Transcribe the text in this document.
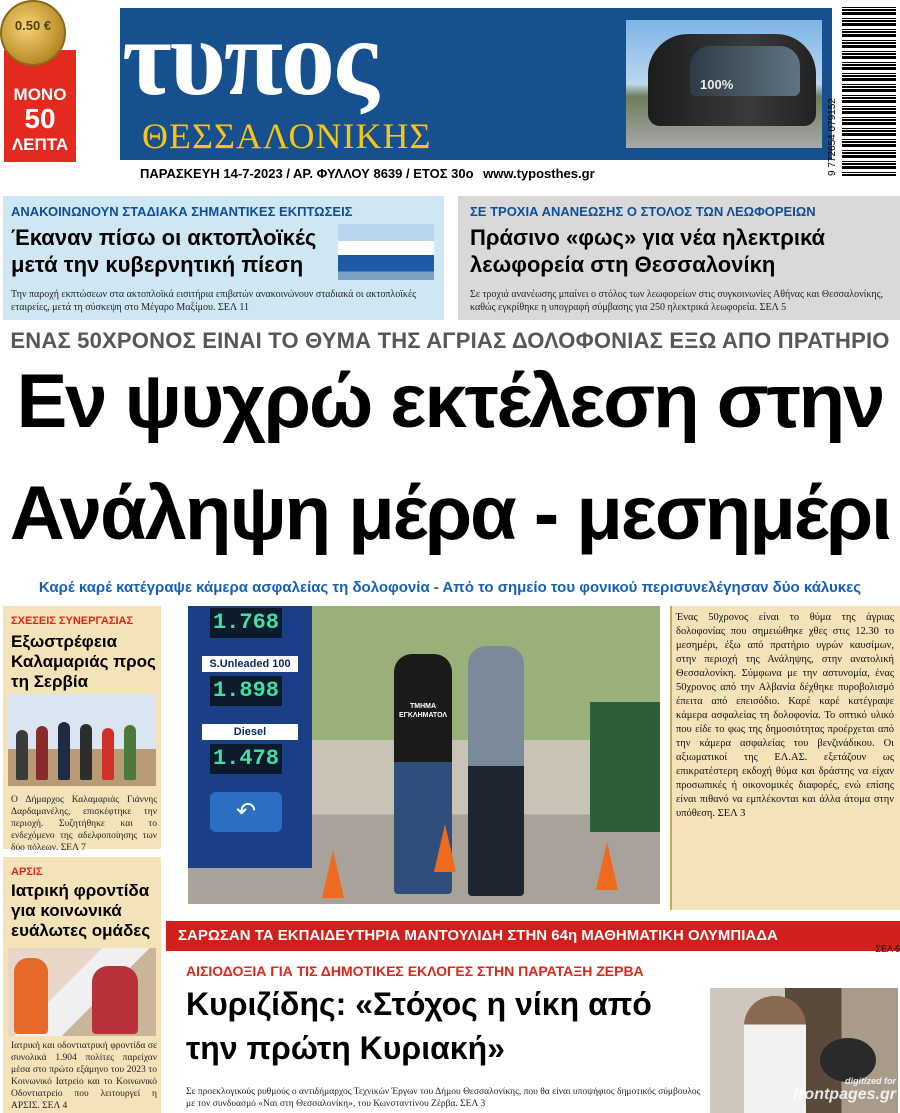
τυπος
ΘΕΣΣΑΛΟΝΙΚΗΣ
0.50 €
ΜΟΝΟ
50
ΛΕΠΤΑ
100%
9 772654 079152
ΠΑΡΑΣΚΕΥΗ 14-7-2023 / ΑΡ. ΦΥΛΛΟΥ 8639 / ΕΤΟΣ 30ο www.typosthes.gr
ΑΝΑΚΟΙΝΩΝΟΥΝ ΣΤΑΔΙΑΚΑ ΣΗΜΑΝΤΙΚΕΣ ΕΚΠΤΩΣΕΙΣ
Έκαναν πίσω οι ακτοπλοϊκές μετά την κυβερνητική πίεση
Την παροχή εκπτώσεων στα ακτοπλοϊκά εισιτήρια επιβατών ανακοινώνουν σταδιακά οι ακτοπλοϊκές εταιρείες, μετά τη σύσκεψη στο Μέγαρο Μαξίμου. ΣΕΛ 11
ΣΕ ΤΡΟΧΙΑ ΑΝΑΝΕΩΣΗΣ Ο ΣΤΟΛΟΣ ΤΩΝ ΛΕΩΦΟΡΕΙΩΝ
Πράσινο «φως» για νέα ηλεκτρικά λεωφορεία στη Θεσσαλονίκη
Σε τροχιά ανανέωσης μπαίνει ο στόλος των λεωφορείων στις συγκοινωνίες Αθήνας και Θεσσαλονίκης, καθώς εγκρίθηκε η υπογραφή σύμβασης για 250 ηλεκτρικά λεωφορεία. ΣΕΛ 5
ΕΝΑΣ 50ΧΡΟΝΟΣ ΕΙΝΑΙ ΤΟ ΘΥΜΑ ΤΗΣ ΑΓΡΙΑΣ ΔΟΛΟΦΟΝΙΑΣ ΕΞΩ ΑΠΟ ΠΡΑΤΗΡΙΟ
Εν ψυχρώ εκτέλεση στην
Ανάληψη μέρα - μεσημέρι
Καρέ καρέ κατέγραψε κάμερα ασφαλείας τη δολοφονία - Από το σημείο του φονικού περισυνελέγησαν δύο κάλυκες
ΣΧΕΣΕΙΣ ΣΥΝΕΡΓΑΣΙΑΣ
Εξωστρέφεια Καλαμαριάς προς τη Σερβία
Ο Δήμαρχος Καλαμαριάς Γιάννης Δαρδαμανέλης, επισκέφτηκε την περιοχή. Συζητήθηκε και το ενδεχόμενο της αδελφοποίησης των δύο πόλεων. ΣΕΛ 7
ΑΡΣΙΣ
Ιατρική φροντίδα για κοινωνικά ευάλωτες ομάδες
Ιατρική και οδοντιατρική φροντίδα σε συνολικά 1.904 πολίτες παρείχαν μέσα στο πρώτο εξάμηνο του 2023 το Κοινωνικό Ιατρείο και το Κοινωνικό Οδοντιατρείο που λειτουργεί η ΑΡΣΙΣ. ΣΕΛ 4
1.768
S.Unleaded 100
1.898
Diesel
1.478
↶
ΤΜΗΜΑ ΕΓΚΛΗΜΑΤΟΛ
Ένας 50χρονος είναι το θύμα της άγριας δολοφονίας που σημειώθηκε χθες στις 12.30 το μεσημέρι, έξω από πρατήριο υγρών καυσίμων, στην περιοχή της Ανάληψης, στην ανατολική Θεσσαλονίκη. Σύμφωνα με την αστυνομία, ένας 50χρονος από την Αλβανία δέχθηκε πυροβολισμό έπειτα από επεισόδιο. Καρέ καρέ κατέγραψε κάμερα ασφαλείας τη δολοφονία. Το οπτικό υλικό που είδε το φως της δημοσιότητας προέρχεται από την κάμερα ασφαλείας του βενζινάδικου. Οι αξιωματικοί της ΕΛ.ΑΣ. εξετάζουν ως επικρατέστερη εκδοχή θύμα και δράστης να είχαν προσωπικές ή οικονομικές διαφορές, ενώ επίσης είναι πιθανό να εμπλέκονται και άλλα άτομα στην υπόθεση. ΣΕΛ 3
ΣΑΡΩΣΑΝ ΤΑ ΕΚΠΑΙΔΕΥΤΗΡΙΑ ΜΑΝΤΟΥΛΙΔΗ ΣΤΗΝ 64η ΜΑΘΗΜΑΤΙΚΗ ΟΛΥΜΠΙΑΔΑ
ΣΕΛ 6
ΑΙΣΙΟΔΟΞΙΑ ΓΙΑ ΤΙΣ ΔΗΜΟΤΙΚΕΣ ΕΚΛΟΓΕΣ ΣΤΗΝ ΠΑΡΑΤΑΞΗ ΖΕΡΒΑ
Κυριζίδης: «Στόχος η νίκη από την πρώτη Κυριακή»
Σε προεκλογικούς ρυθμούς ο αντιδήμαρχος Τεχνικών Έργων του Δήμου Θεσσαλονίκης, που θα είναι υποψήφιος δημοτικός σύμβουλος με τον συνδυασμό «Ναι στη Θεσσαλονίκη», του Κωνσταντίνου Ζέρβα. ΣΕΛ 3
digitized for
frontpages.gr
